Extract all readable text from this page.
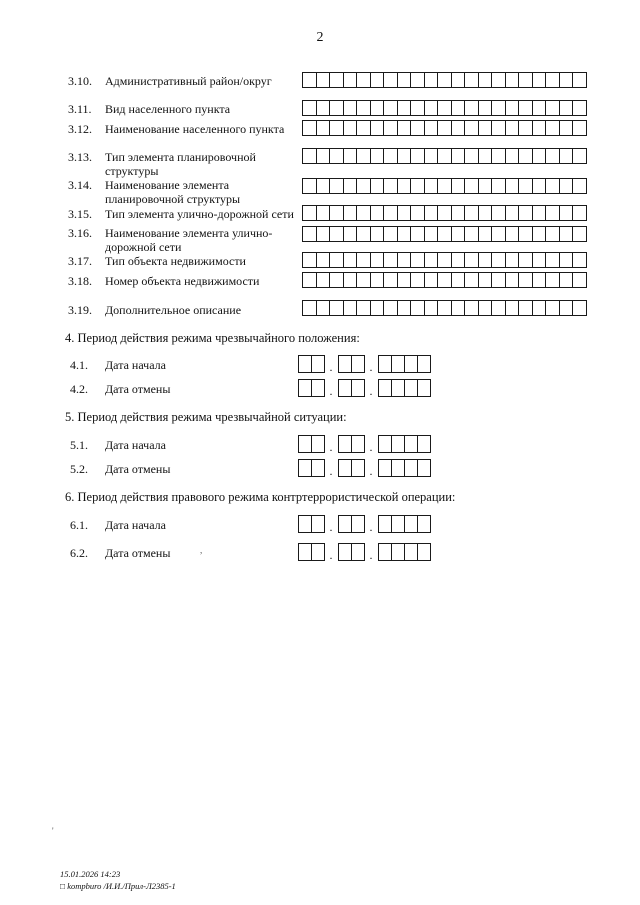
2
3.10. Административный район/округ
3.11. Вид населенного пункта
3.12. Наименование населенного пункта
3.13. Тип элемента планировочной структуры
3.14. Наименование элемента планировочной структуры
3.15. Тип элемента улично-дорожной сети
3.16. Наименование элемента улично-дорожной сети
3.17. Тип объекта недвижимости
3.18. Номер объекта недвижимости
3.19. Дополнительное описание
4. Период действия режима чрезвычайного положения:
4.1. Дата начала	.	.
4.2. Дата отмены	.	.
5. Период действия режима чрезвычайной ситуации:
5.1. Дата начала	.	.
5.2. Дата отмены	.	.
6. Период действия правового режима контртеррористической операции:
6.1. Дата начала	.	.
6.2. Дата отмены	.	.
,
'
15.01.2026 14:23
□ kompburo /И.И./Прил-Л2385-1
